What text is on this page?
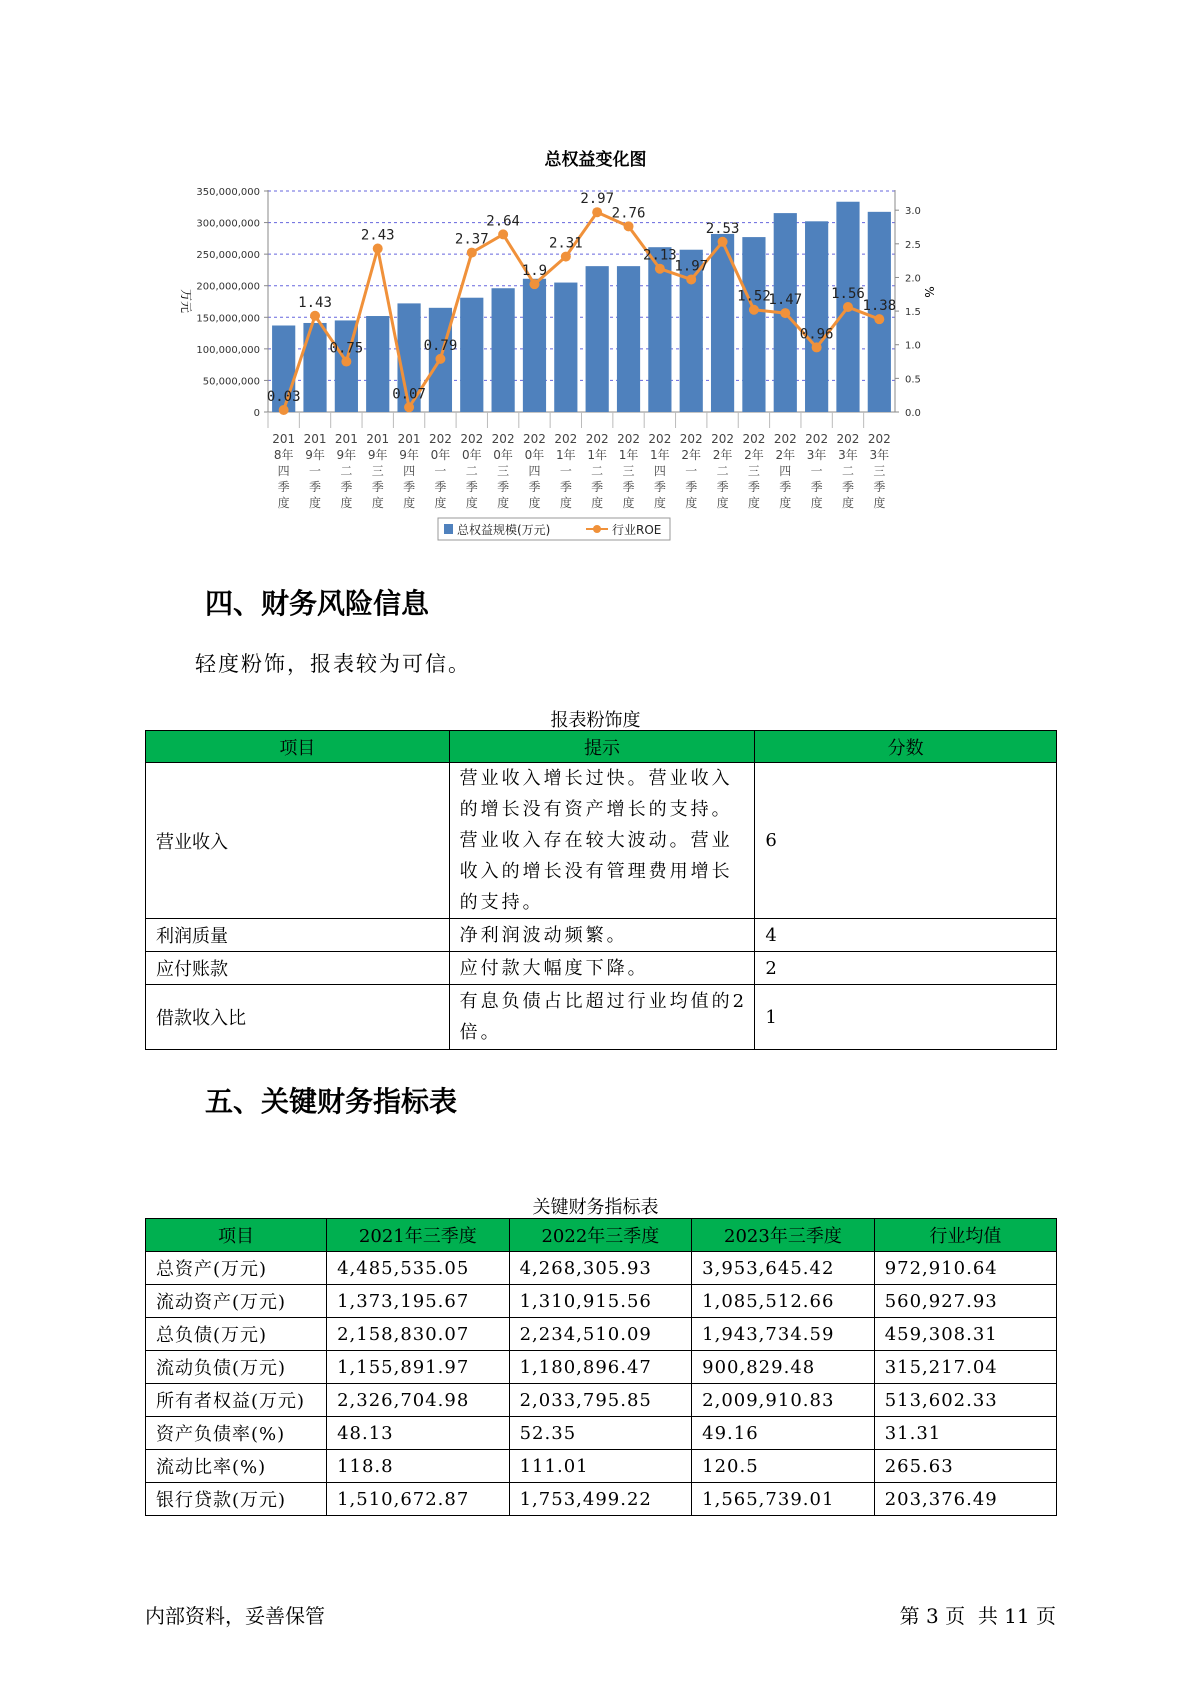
总权益变化图
0
50,000,000
100,000,000
150,000,000
200,000,000
250,000,000
300,000,000
350,000,000
0.0
0.5
1.0
1.5
2.0
2.5
3.0
万元	%
201 8年四季度
201 9年一季度
201 9年二季度
201 9年三季度
201 9年四季度
202 0年一季度
202 0年二季度
202 0年三季度
202 0年四季度
202 1年一季度
202 1年二季度
202 1年三季度
202 1年四季度
202 2年一季度
202 2年二季度
202 2年三季度
202 2年四季度
202 3年一季度
202 3年二季度
202 3年三季度
0.03
1.43
0.75
2.43
0.07
0.79
2.37
2.64
1.9
2.31
2.97
2.76
2.13
1.97
2.53
1.52
1.47
0.96
1.56
1.38
总权益规模(万元)	行业ROE
四、财务风险信息
轻度粉饰，报表较为可信。
报表粉饰度
项目	提示	分数
营业收入	营业收入增长过快。营业收入的增长没有资产增长的支持。营业收入存在较大波动。营业收入的增长没有管理费用增长的支持。	6
利润质量	净利润波动频繁。	4
应付账款	应付款大幅度下降。	2
借款收入比	有息负债占比超过行业均值的2倍。	1
五、关键财务指标表
关键财务指标表
项目	2021年三季度	2022年三季度	2023年三季度	行业均值
总资产(万元)	4,485,535.05	4,268,305.93	3,953,645.42	972,910.64
流动资产(万元)	1,373,195.67	1,310,915.56	1,085,512.66	560,927.93
总负债(万元)	2,158,830.07	2,234,510.09	1,943,734.59	459,308.31
流动负债(万元)	1,155,891.97	1,180,896.47	900,829.48	315,217.04
所有者权益(万元)	2,326,704.98	2,033,795.85	2,009,910.83	513,602.33
资产负债率(%)	48.13	52.35	49.16	31.31
流动比率(%)	118.8	111.01	120.5	265.63
银行贷款(万元)	1,510,672.87	1,753,499.22	1,565,739.01	203,376.49
内部资料，妥善保管	第 3 页  共 11 页
